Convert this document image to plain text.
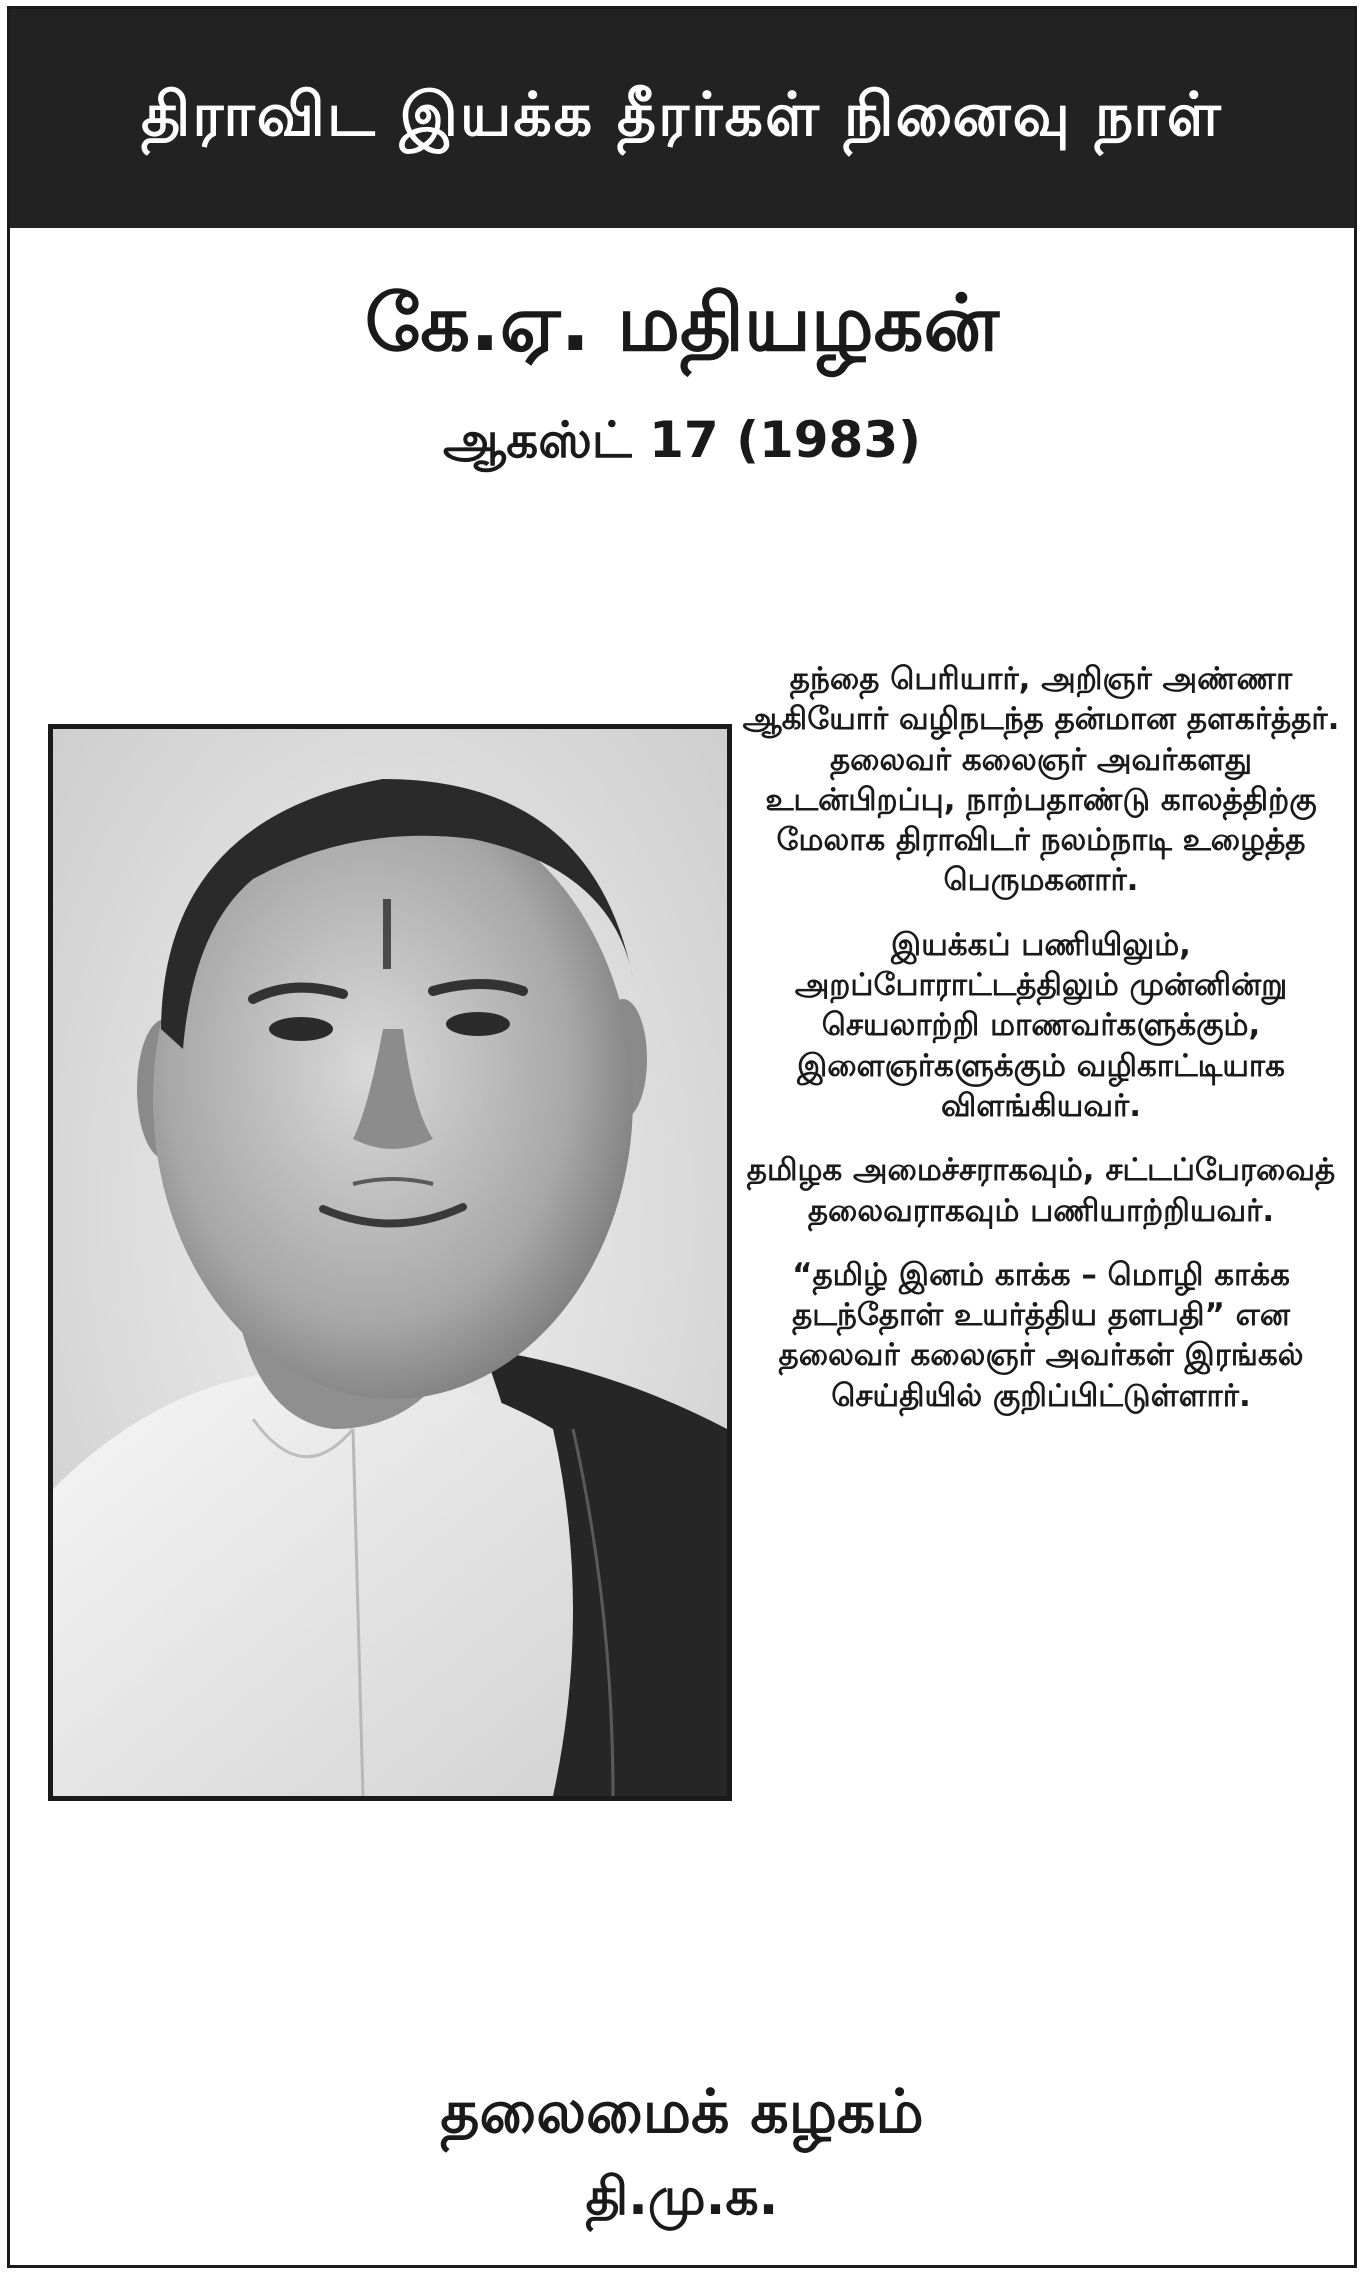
திராவிட இயக்க தீரர்கள் நினைவு நாள்
கே.ஏ. மதியழகன்
ஆகஸ்ட் 17 (1983)

தந்தை பெரியார், அறிஞர் அண்ணா ஆகியோர் வழிநடந்த தன்மான தளகர்த்தர். தலைவர் கலைஞர் அவர்களது உடன்பிறப்பு, நாற்பதாண்டு காலத்திற்கு மேலாக திராவிடர் நலம்நாடி உழைத்த பெருமகனார்.

இயக்கப் பணியிலும், அறப்போராட்டத்திலும் முன்னின்று செயலாற்றி மாணவர்களுக்கும், இளைஞர்களுக்கும் வழிகாட்டியாக விளங்கியவர்.

தமிழக அமைச்சராகவும், சட்டப்பேரவைத் தலைவராகவும் பணியாற்றியவர்.

“தமிழ் இனம் காக்க – மொழி காக்க தடந்தோள் உயர்த்திய தளபதி” என தலைவர் கலைஞர் அவர்கள் இரங்கல் செய்தியில் குறிப்பிட்டுள்ளார்.

தலைமைக் கழகம்
தி.மு.க.
